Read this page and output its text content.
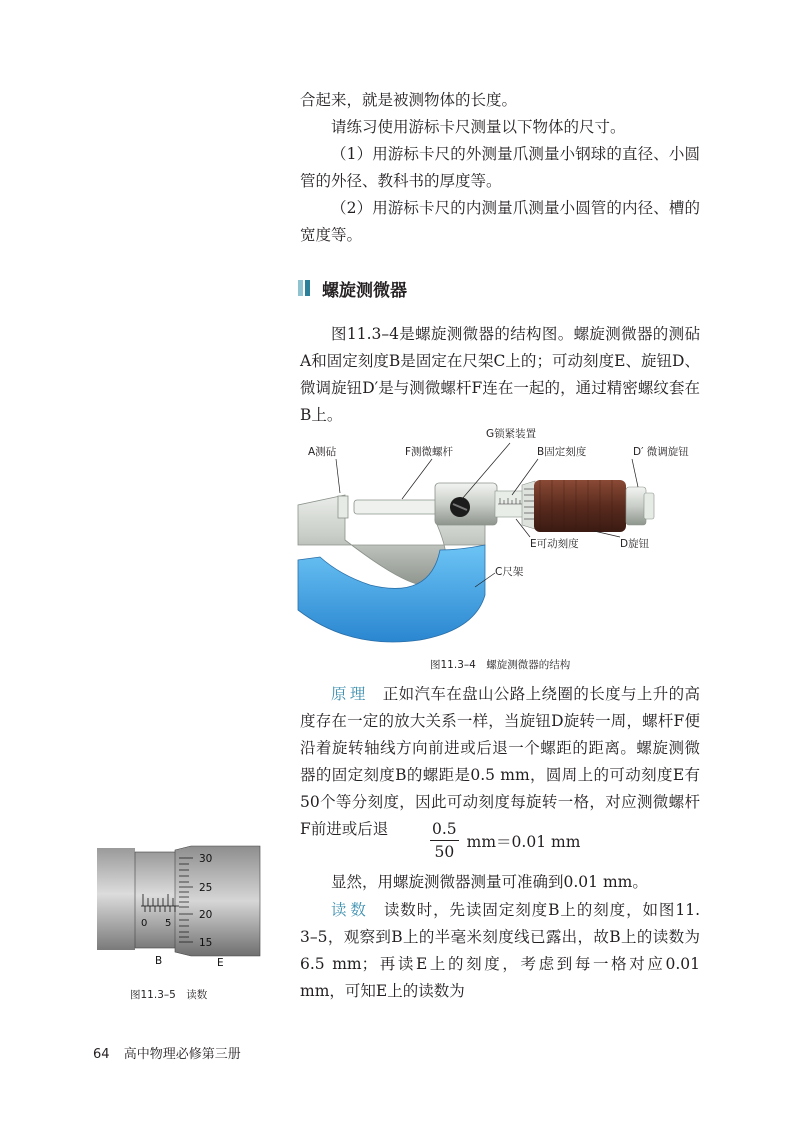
合起来，就是被测物体的长度。

请练习使用游标卡尺测量以下物体的尺寸。

（1）用游标卡尺的外测量爪测量小钢球的直径、小圆管的外径、教科书的厚度等。

（2）用游标卡尺的内测量爪测量小圆管的内径、槽的宽度等。

螺旋测微器

图11.3–4是螺旋测微器的结构图。螺旋测微器的测砧A和固定刻度B是固定在尺架C上的；可动刻度E、旋钮D、微调旋钮D′是与测微螺杆F连在一起的，通过精密螺纹套在B上。

A测砧	F测微螺杆
G锁紧装置
B固定刻度	D′ 微调旋钮
E可动刻度	D旋钮
C尺架
图11.3–4　螺旋测微器的结构

原理 正如汽车在盘山公路上绕圈的长度与上升的高度存在一定的放大关系一样，当旋钮D旋转一周，螺杆F便沿着旋转轴线方向前进或后退一个螺距的距离。螺旋测微器的固定刻度B的螺距是0.5 mm，圆周上的可动刻度E有50个等分刻度，因此可动刻度每旋转一格，对应测微螺杆F前进或后退	$\frac{0.5}{50} mm=0.01$ mm

显然，用螺旋测微器测量可准确到0.01 mm。

读数 读数时，先读固定刻度B上的刻度，如图11. 3–5，观察到B上的半毫米刻度线已露出，故B上的读数为6.5 mm；再读E上的刻度，考虑到每一格对应0.01 mm，可知E上的读数为

0 5
30
25
20
15
B	E
图11.3–5　读数
64 高中物理必修第三册
